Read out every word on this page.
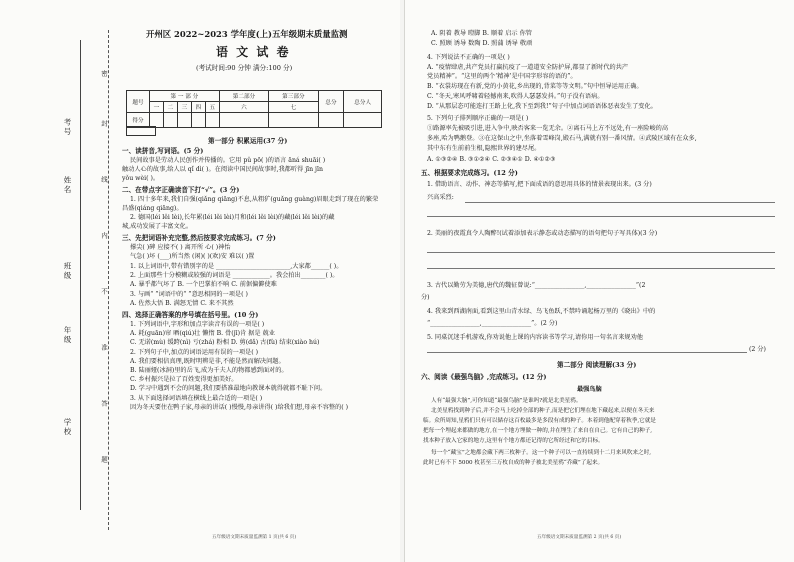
考号
姓名
班级
年级
学校
密
封
线
内
不
准
答
题
开州区 2022~2023 学年度(上)五年级期末质量监测
语 文 试 卷
(考试时间:90 分钟 满分:100 分)
题号	第 一 部 分					第二部分	第三部分	总分	总分人
	一	二	三	四	五	六	七		
得分									
第一部分 积累运用(37 分)
一、读拼音,写词语。(5 分)
民间故事是劳动人民创作并传播的。它用 pǔ pō( )的语言 āná shuāi( )
触动人心的故事,给人以 qǐ dì( )。在阅读中国民间故事时,我都听得 jīn jīn
yǒu wèi( )。
二、在带点字正确读音下打“√”。(3 分)
1. 四十多年来,我们自强(qiǎng qiāng)不息,从粗犷(guǎng guàng)眉眼走到了现在的繁荣
昌盛(qiáng qiāng)。
2. 德国(léi lěi lèi),长年累(léi lěi lèi)月和(léi lěi lèi)的藏(léi lěi lèi)的藏
城,成功发展了丰富文化。
三、先把词语补充完整,然后按要求完成练习。(7 分)
撑尖( )碑 应接不( ) 离开所 心( )神怡
气急( )坏 (___)所当然 (闲)( )(欢)安 难以( )置
1. 以上词语中,带有错别字的是 ________________________,大家都______( )。
2. 上面那些十分模糊或较强的词语是 ____________。我会拍出________( )。
A. 暴乎都气坏了 B. 一个巴掌拍不响 C. 前倨偏僻使难
3. 与画“ ”词语中的“ ”意思相同的一项是( )
A. 佐然大悟 B. 满怒无情 C. 来不其然
四、选择正确答案的序号填在括号里。(10 分)
1. 下列词语中,字形和加点字读音有误的一项是( )
A. 耗(guān)帘 晒(qiú)壮 懒惰 B. 骨(jī)肯 据是 兢业
C. 无诺(mù) 缓跨(nì) 亏(zhá) 粉相 D. 剪(dǎ) 古(fù) 结束(xiào hú)
2. 下列句子中,加点的词语运用有误的一项是( )
A. 我们要相信真理,既时明辨是非,不能是然而解决问题。
B. 陆丽娅(冰洞)里的岳飞,成为千夫人的物都感到面对的。
C. 乡村振兴是拉了百姓变得更加美好。
D. 学习中遇到不会的问题,我们要搭准最地向教课本就得就都不耻下问。
3. 从下面选择词语填在横线上最合适的一项是( )
因为冬天要住在鸭子家,母亲的讲话( )慢慢,母亲讲得( )给我们想,母亲不容整的( )
五年级语文期末质量监测第 1 页(共 6 页)
A. 阴着 教导 瞪脚 B. 顺着 启示 你管
C. 照顾 诱导 数陶 D. 照蒲 诱导 敬顽
4. 下列说法不正确的一项是( )
A. “疫情肆虐,共产党员打赢抗疫了一道道安全防护屏,都显了新时代的共产
党员精神”。“这里的两个‘精神’是中国字形容的语的”。
B. “衣裳坊现在有新,党的小黄花,乡出现的,背菜等等文明。”句中恒导运用正确。
C. “冬天,寒风呼啸着轻撼南来,吹得人瑟瑟发抖。”句子没有语病。
D. “从那层态可能连打王路上化,我下至到我!”句子中加点词语语体恶表发生了变化。
5. 下列句子排列顺序正确的一项是( )
①路源率先被吸引进,进入争中,映否客来一览无余。②离石马上方不远处,有一座险峻的高
多座,哈为鸭鹅登。③在这保山之中,坐落着雪峰岗,殿石马,满就有别一番风情。④武陵区域有在众多,
其中东有生前前生根,隐熙世界的建尽尾。
A. ①③②④ B. ③①②④ C. ②③④① D. ④①②③
五、根据要求完成练习。(12 分)
1. 借助语言、动作、神态等描写,把下面成语的意思用具体的情景表现出来。(3 分)
兴高采烈:
2. 美丽的夜霞真令人陶醉!(试着添加表示静态或动态描写的语句把句子写具体)(3 分)
3. 古代以勤劳为美德,唐代的魏征曾说:“________________,________________”(2
分)
4. 我来到西湖南面,看到这里山青水绿、鸟飞鱼跃,不禁吟诵起杨万里的《晓出》中的
“________________,________________”。(2 分)
5. 同桌沉迷手机游戏,你劝说他上课的内容读书等学习,请你用一句名言来规劝他
(2 分)
第二部分 阅读理解(33 分)
六、阅读《最强鸟脑》,完成练习。(12 分)
最强鸟脑
人有“最强大脑”,可你知道“最强鸟脑”是谁吗?就是北美星鸦。
北美星鸦找到种子后,并不会马上吃掉全部的种子,而是把它们埋在地下藏起来,以便在冬天来
临。众所周知,星鸦们只有可以储存这百枚最多是多段有成的种子。本着到他配穿着秋季,它就是
把每一个埋起来都做的地方,在一个地方埋做一种的,并在埋生了来自在自己。它有自己的种子,
找本种子放入它家的地方,这里有个地方都还记得的它所经过和它的目标。
每一个“藏宝”之地都会藏下两三枚种子。这一个种子可以一直持续到十二月来风吹来之时,
此时已有不下 5000 枚甚至三万枚自成的种子被北美星鸦“乔藏”了起来。
五年级语文期末质量监测第 2 页(共 6 页)
